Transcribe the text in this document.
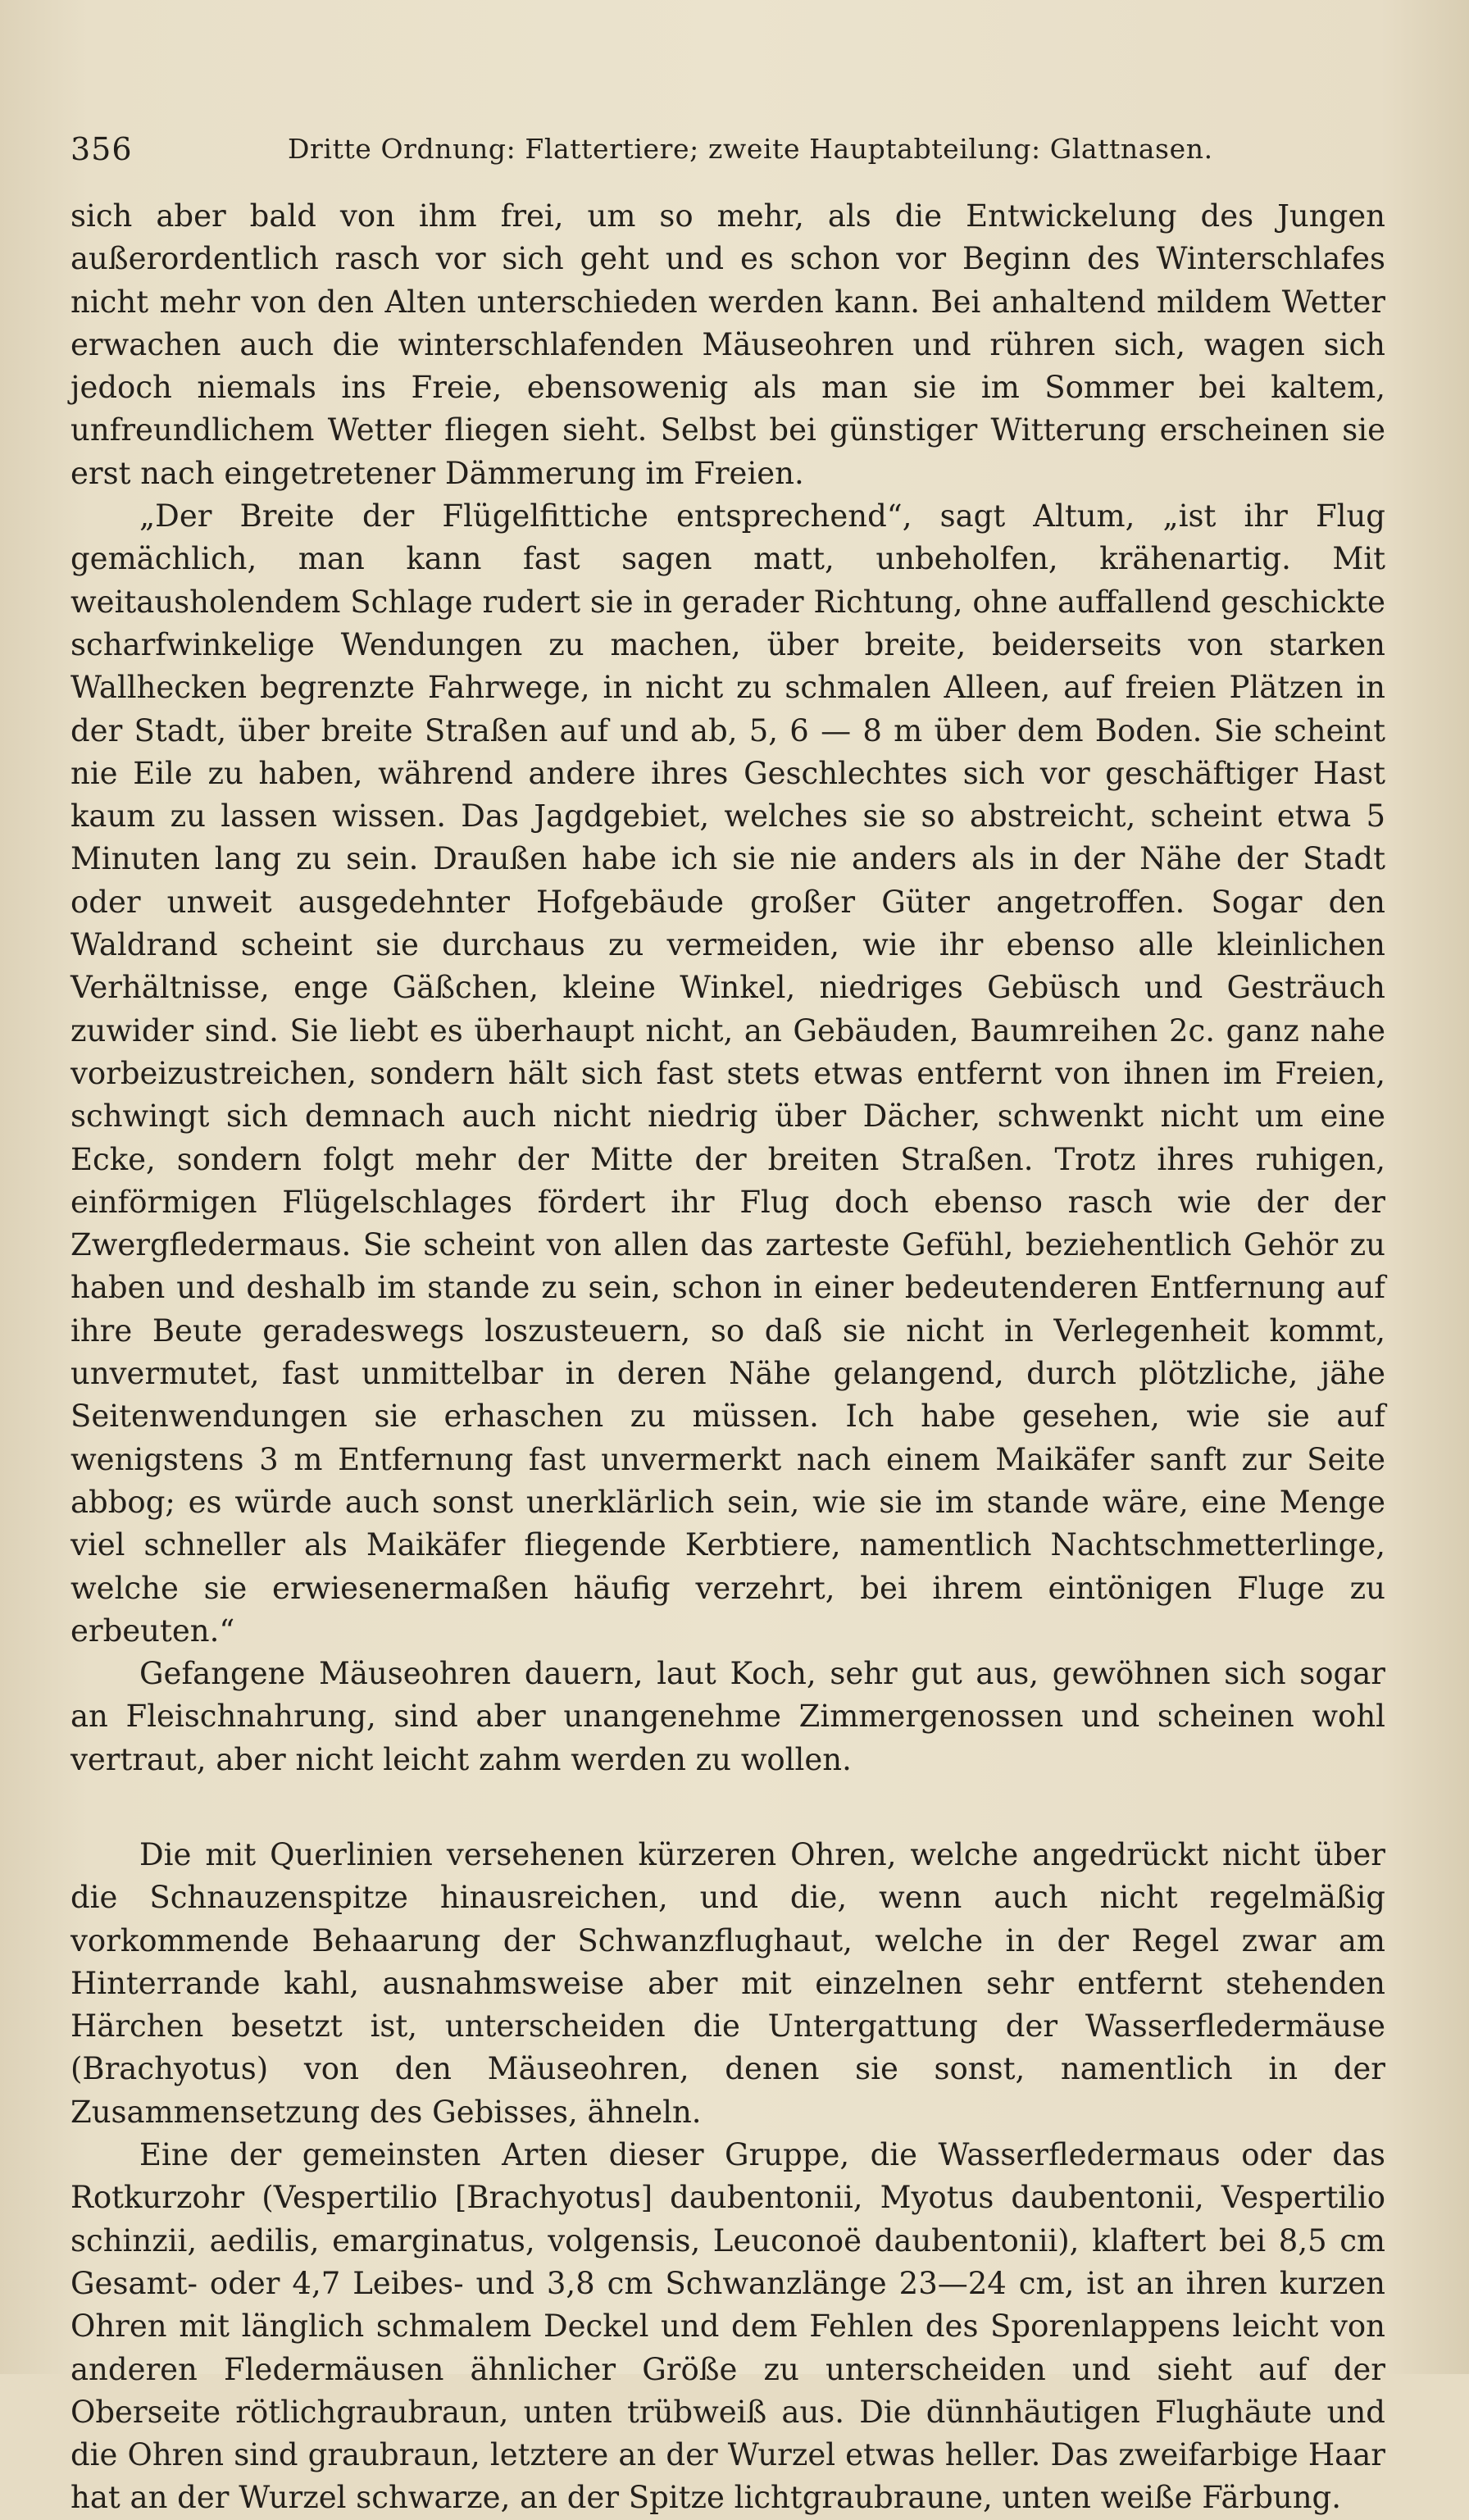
356	Dritte Ordnung: Flattertiere; zweite Hauptabteilung: Glattnasen.

sich aber bald von ihm frei, um so mehr, als die Entwickelung des Jungen außerordentlich rasch vor sich geht und es schon vor Beginn des Winterschlafes nicht mehr von den Alten unterschieden werden kann. Bei anhaltend mildem Wetter erwachen auch die winterschlafenden Mäuseohren und rühren sich, wagen sich jedoch niemals ins Freie, ebensowenig als man sie im Sommer bei kaltem, unfreundlichem Wetter fliegen sieht. Selbst bei günstiger Witterung erscheinen sie erst nach eingetretener Dämmerung im Freien.

„Der Breite der Flügelfittiche entsprechend“, sagt Altum, „ist ihr Flug gemächlich, man kann fast sagen matt, unbeholfen, krähenartig. Mit weitausholendem Schlage rudert sie in gerader Richtung, ohne auffallend geschickte scharfwinkelige Wendungen zu machen, über breite, beiderseits von starken Wallhecken begrenzte Fahrwege, in nicht zu schmalen Alleen, auf freien Plätzen in der Stadt, über breite Straßen auf und ab, 5, 6 — 8 m über dem Boden. Sie scheint nie Eile zu haben, während andere ihres Geschlechtes sich vor geschäftiger Hast kaum zu lassen wissen. Das Jagdgebiet, welches sie so abstreicht, scheint etwa 5 Minuten lang zu sein. Draußen habe ich sie nie anders als in der Nähe der Stadt oder unweit ausgedehnter Hofgebäude großer Güter angetroffen. Sogar den Waldrand scheint sie durchaus zu vermeiden, wie ihr ebenso alle kleinlichen Verhältnisse, enge Gäßchen, kleine Winkel, niedriges Gebüsch und Gesträuch zuwider sind. Sie liebt es überhaupt nicht, an Gebäuden, Baumreihen 2c. ganz nahe vorbeizustreichen, sondern hält sich fast stets etwas entfernt von ihnen im Freien, schwingt sich demnach auch nicht niedrig über Dächer, schwenkt nicht um eine Ecke, sondern folgt mehr der Mitte der breiten Straßen. Trotz ihres ruhigen, einförmigen Flügelschlages fördert ihr Flug doch ebenso rasch wie der der Zwergfledermaus. Sie scheint von allen das zarteste Gefühl, beziehentlich Gehör zu haben und deshalb im stande zu sein, schon in einer bedeutenderen Entfernung auf ihre Beute geradeswegs loszusteuern, so daß sie nicht in Verlegenheit kommt, unvermutet, fast unmittelbar in deren Nähe gelangend, durch plötzliche, jähe Seitenwendungen sie erhaschen zu müssen. Ich habe gesehen, wie sie auf wenigstens 3 m Entfernung fast unvermerkt nach einem Maikäfer sanft zur Seite abbog; es würde auch sonst unerklärlich sein, wie sie im stande wäre, eine Menge viel schneller als Maikäfer fliegende Kerbtiere, namentlich Nachtschmetterlinge, welche sie erwiesenermaßen häufig verzehrt, bei ihrem eintönigen Fluge zu erbeuten.“

Gefangene Mäuseohren dauern, laut Koch, sehr gut aus, gewöhnen sich sogar an Fleischnahrung, sind aber unangenehme Zimmergenossen und scheinen wohl vertraut, aber nicht leicht zahm werden zu wollen.

Die mit Querlinien versehenen kürzeren Ohren, welche angedrückt nicht über die Schnauzenspitze hinausreichen, und die, wenn auch nicht regelmäßig vorkommende Behaarung der Schwanzflughaut, welche in der Regel zwar am Hinterrande kahl, ausnahmsweise aber mit einzelnen sehr entfernt stehenden Härchen besetzt ist, unterscheiden die Untergattung der Wasserfledermäuse (Brachyotus) von den Mäuseohren, denen sie sonst, namentlich in der Zusammensetzung des Gebisses, ähneln.

Eine der gemeinsten Arten dieser Gruppe, die Wasserfledermaus oder das Rotkurzohr (Vespertilio [Brachyotus] daubentonii, Myotus daubentonii, Vespertilio schinzii, aedilis, emarginatus, volgensis, Leuconoë daubentonii), klaftert bei 8,5 cm Gesamt- oder 4,7 Leibes- und 3,8 cm Schwanzlänge 23—24 cm, ist an ihren kurzen Ohren mit länglich schmalem Deckel und dem Fehlen des Sporenlappens leicht von anderen Fledermäusen ähnlicher Größe zu unterscheiden und sieht auf der Oberseite rötlichgraubraun, unten trübweiß aus. Die dünnhäutigen Flughäute und die Ohren sind graubraun, letztere an der Wurzel etwas heller. Das zweifarbige Haar hat an der Wurzel schwarze, an der Spitze lichtgraubraune, unten weiße Färbung.
